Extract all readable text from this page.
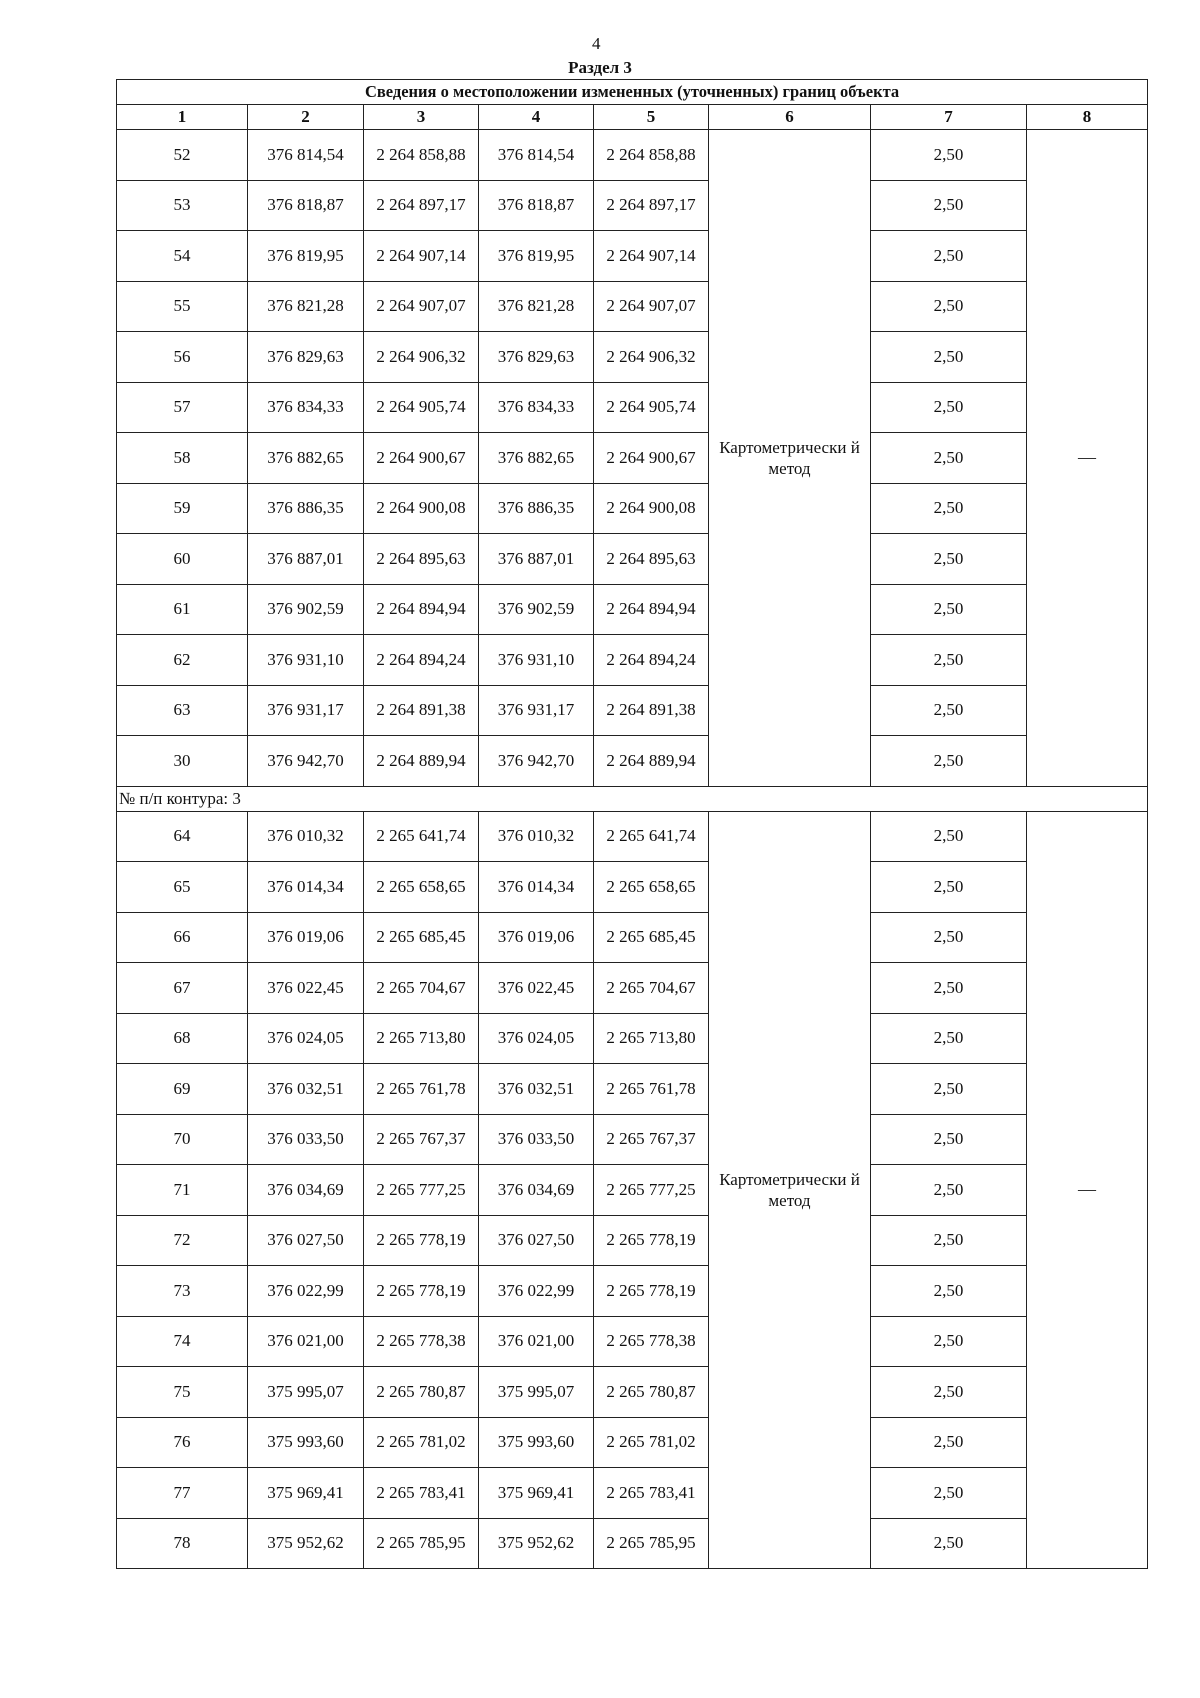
4
Раздел 3
Сведения о местоположении измененных (уточненных) границ объекта							
1	2	3	4	5	6	7	8
52	376 814,54	2 264 858,88	376 814,54	2 264 858,88	Картометрически й метод	2,50	—
53	376 818,87	2 264 897,17	376 818,87	2 264 897,17		2,50	
54	376 819,95	2 264 907,14	376 819,95	2 264 907,14		2,50	
55	376 821,28	2 264 907,07	376 821,28	2 264 907,07		2,50	
56	376 829,63	2 264 906,32	376 829,63	2 264 906,32		2,50	
57	376 834,33	2 264 905,74	376 834,33	2 264 905,74		2,50	
58	376 882,65	2 264 900,67	376 882,65	2 264 900,67		2,50	
59	376 886,35	2 264 900,08	376 886,35	2 264 900,08		2,50	
60	376 887,01	2 264 895,63	376 887,01	2 264 895,63		2,50	
61	376 902,59	2 264 894,94	376 902,59	2 264 894,94		2,50	
62	376 931,10	2 264 894,24	376 931,10	2 264 894,24		2,50	
63	376 931,17	2 264 891,38	376 931,17	2 264 891,38		2,50	
30	376 942,70	2 264 889,94	376 942,70	2 264 889,94		2,50	
№ п/п контура: 3							
64	376 010,32	2 265 641,74	376 010,32	2 265 641,74	Картометрически й метод	2,50	—
65	376 014,34	2 265 658,65	376 014,34	2 265 658,65		2,50	
66	376 019,06	2 265 685,45	376 019,06	2 265 685,45		2,50	
67	376 022,45	2 265 704,67	376 022,45	2 265 704,67		2,50	
68	376 024,05	2 265 713,80	376 024,05	2 265 713,80		2,50	
69	376 032,51	2 265 761,78	376 032,51	2 265 761,78		2,50	
70	376 033,50	2 265 767,37	376 033,50	2 265 767,37		2,50	
71	376 034,69	2 265 777,25	376 034,69	2 265 777,25		2,50	
72	376 027,50	2 265 778,19	376 027,50	2 265 778,19		2,50	
73	376 022,99	2 265 778,19	376 022,99	2 265 778,19		2,50	
74	376 021,00	2 265 778,38	376 021,00	2 265 778,38		2,50	
75	375 995,07	2 265 780,87	375 995,07	2 265 780,87		2,50	
76	375 993,60	2 265 781,02	375 993,60	2 265 781,02		2,50	
77	375 969,41	2 265 783,41	375 969,41	2 265 783,41		2,50	
78	375 952,62	2 265 785,95	375 952,62	2 265 785,95		2,50	
